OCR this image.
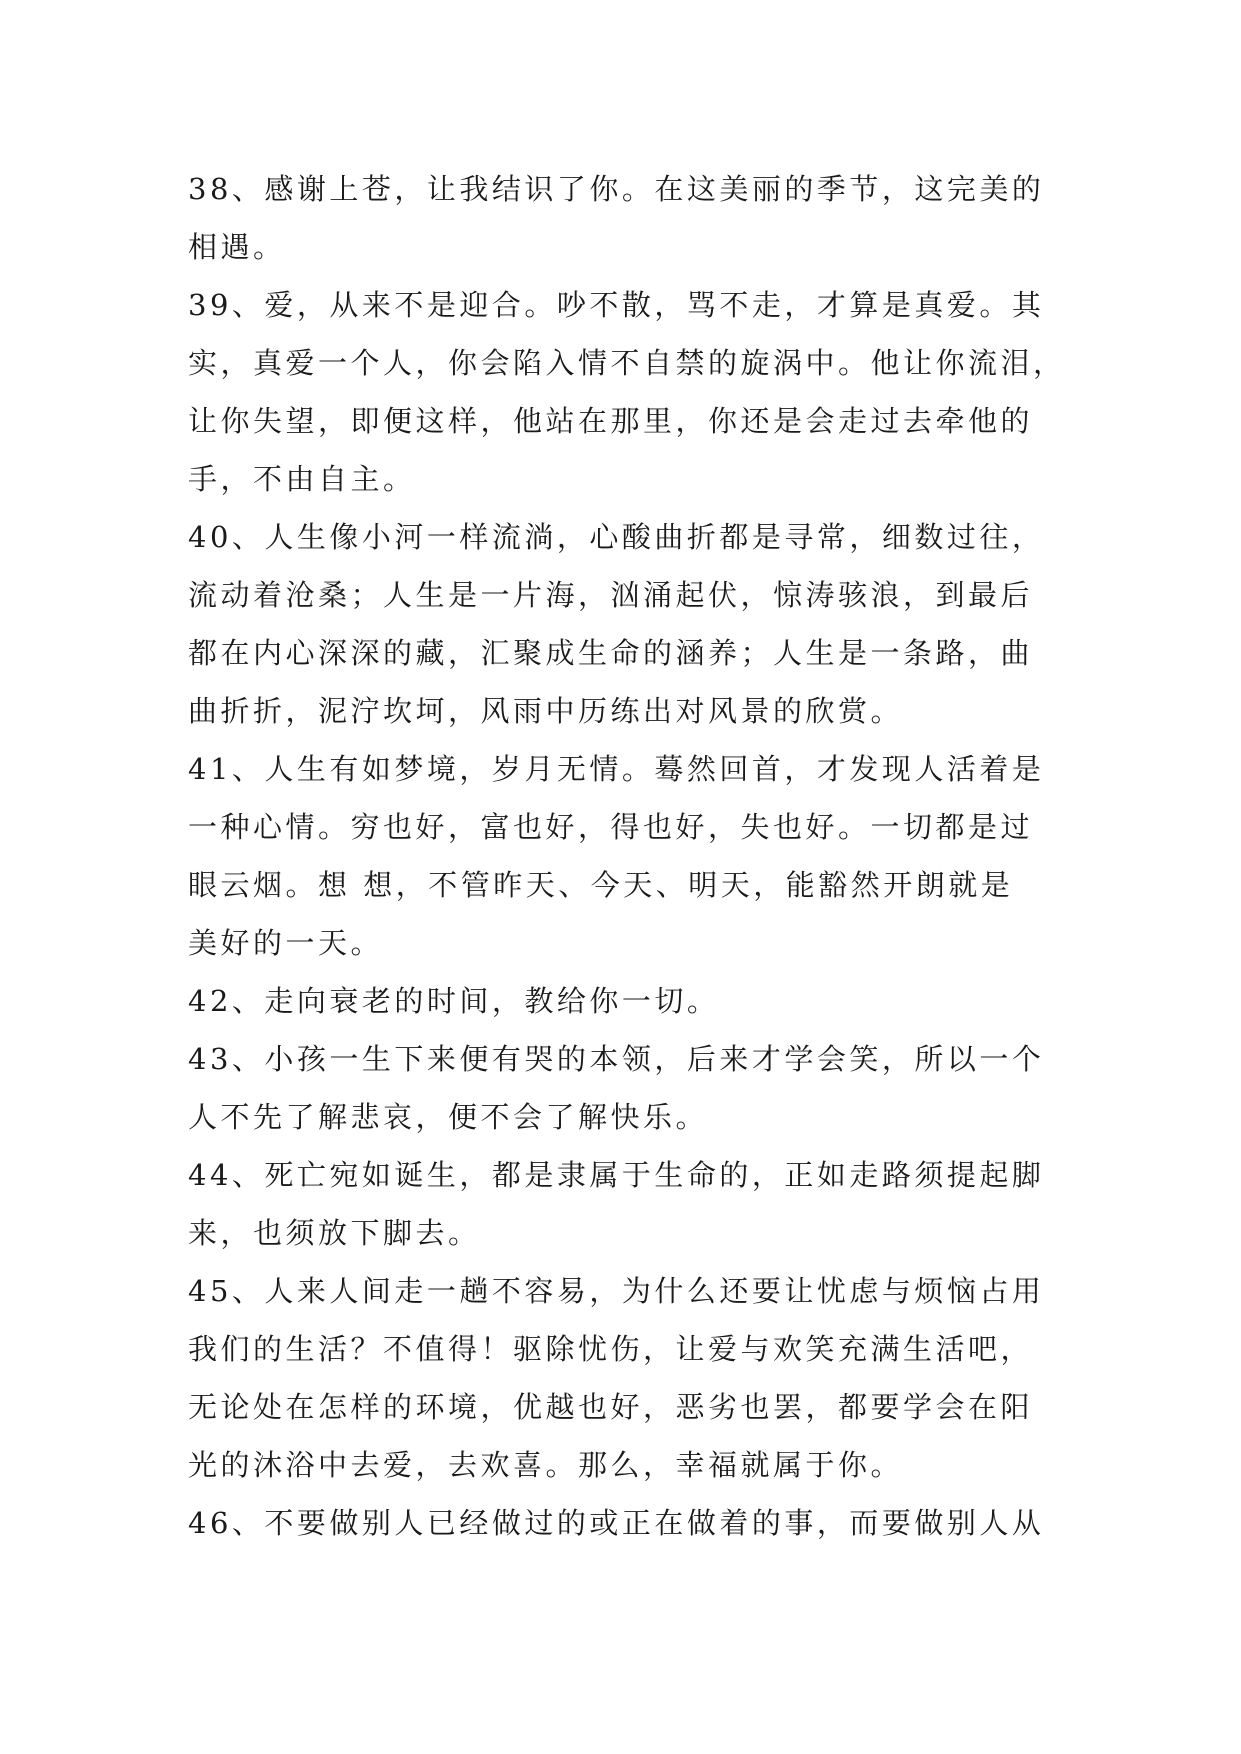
38、感谢上苍，让我结识了你。在这美丽的季节，这完美的
相遇。
39、爱，从来不是迎合。吵不散，骂不走，才算是真爱。其
实，真爱一个人，你会陷入情不自禁的旋涡中。他让你流泪，
让你失望，即便这样，他站在那里，你还是会走过去牵他的
手，不由自主。
40、人生像小河一样流淌，心酸曲折都是寻常，细数过往，
流动着沧桑；人生是一片海，汹涌起伏，惊涛骇浪，到最后
都在内心深深的藏，汇聚成生命的涵养；人生是一条路，曲
曲折折，泥泞坎坷，风雨中历练出对风景的欣赏。
41、人生有如梦境，岁月无情。蓦然回首，才发现人活着是
一种心情。穷也好，富也好，得也好，失也好。一切都是过
眼云烟。想 想，不管昨天、今天、明天，能豁然开朗就是
美好的一天。
42、走向衰老的时间，教给你一切。
43、小孩一生下来便有哭的本领，后来才学会笑，所以一个
人不先了解悲哀，便不会了解快乐。
44、死亡宛如诞生，都是隶属于生命的，正如走路须提起脚
来，也须放下脚去。
45、人来人间走一趟不容易，为什么还要让忧虑与烦恼占用
我们的生活？不值得！驱除忧伤，让爱与欢笑充满生活吧，
无论处在怎样的环境，优越也好，恶劣也罢，都要学会在阳
光的沐浴中去爱，去欢喜。那么，幸福就属于你。
46、不要做别人已经做过的或正在做着的事，而要做别人从
